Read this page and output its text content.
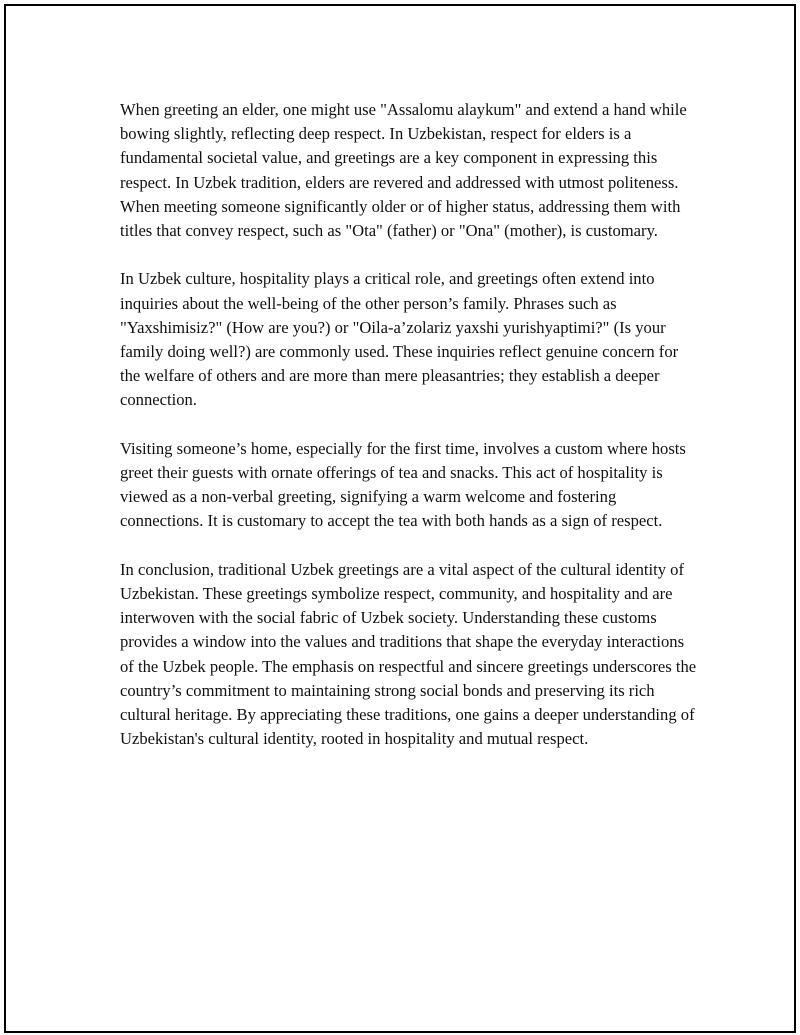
When greeting an elder, one might use "Assalomu alaykum" and extend a hand while bowing slightly, reflecting deep respect. In Uzbekistan, respect for elders is a fundamental societal value, and greetings are a key component in expressing this respect. In Uzbek tradition, elders are revered and addressed with utmost politeness. When meeting someone significantly older or of higher status, addressing them with titles that convey respect, such as "Ota" (father) or "Ona" (mother), is customary.

In Uzbek culture, hospitality plays a critical role, and greetings often extend into inquiries about the well-being of the other person’s family. Phrases such as "Yaxshimisiz?" (How are you?) or "Oila-a’zolariz yaxshi yurishyaptimi?" (Is your family doing well?) are commonly used. These inquiries reflect genuine concern for the welfare of others and are more than mere pleasantries; they establish a deeper connection.

Visiting someone’s home, especially for the first time, involves a custom where hosts greet their guests with ornate offerings of tea and snacks. This act of hospitality is viewed as a non-verbal greeting, signifying a warm welcome and fostering connections. It is customary to accept the tea with both hands as a sign of respect.

In conclusion, traditional Uzbek greetings are a vital aspect of the cultural identity of Uzbekistan. These greetings symbolize respect, community, and hospitality and are interwoven with the social fabric of Uzbek society. Understanding these customs provides a window into the values and traditions that shape the everyday interactions of the Uzbek people. The emphasis on respectful and sincere greetings underscores the country’s commitment to maintaining strong social bonds and preserving its rich cultural heritage. By appreciating these traditions, one gains a deeper understanding of Uzbekistan's cultural identity, rooted in hospitality and mutual respect.
